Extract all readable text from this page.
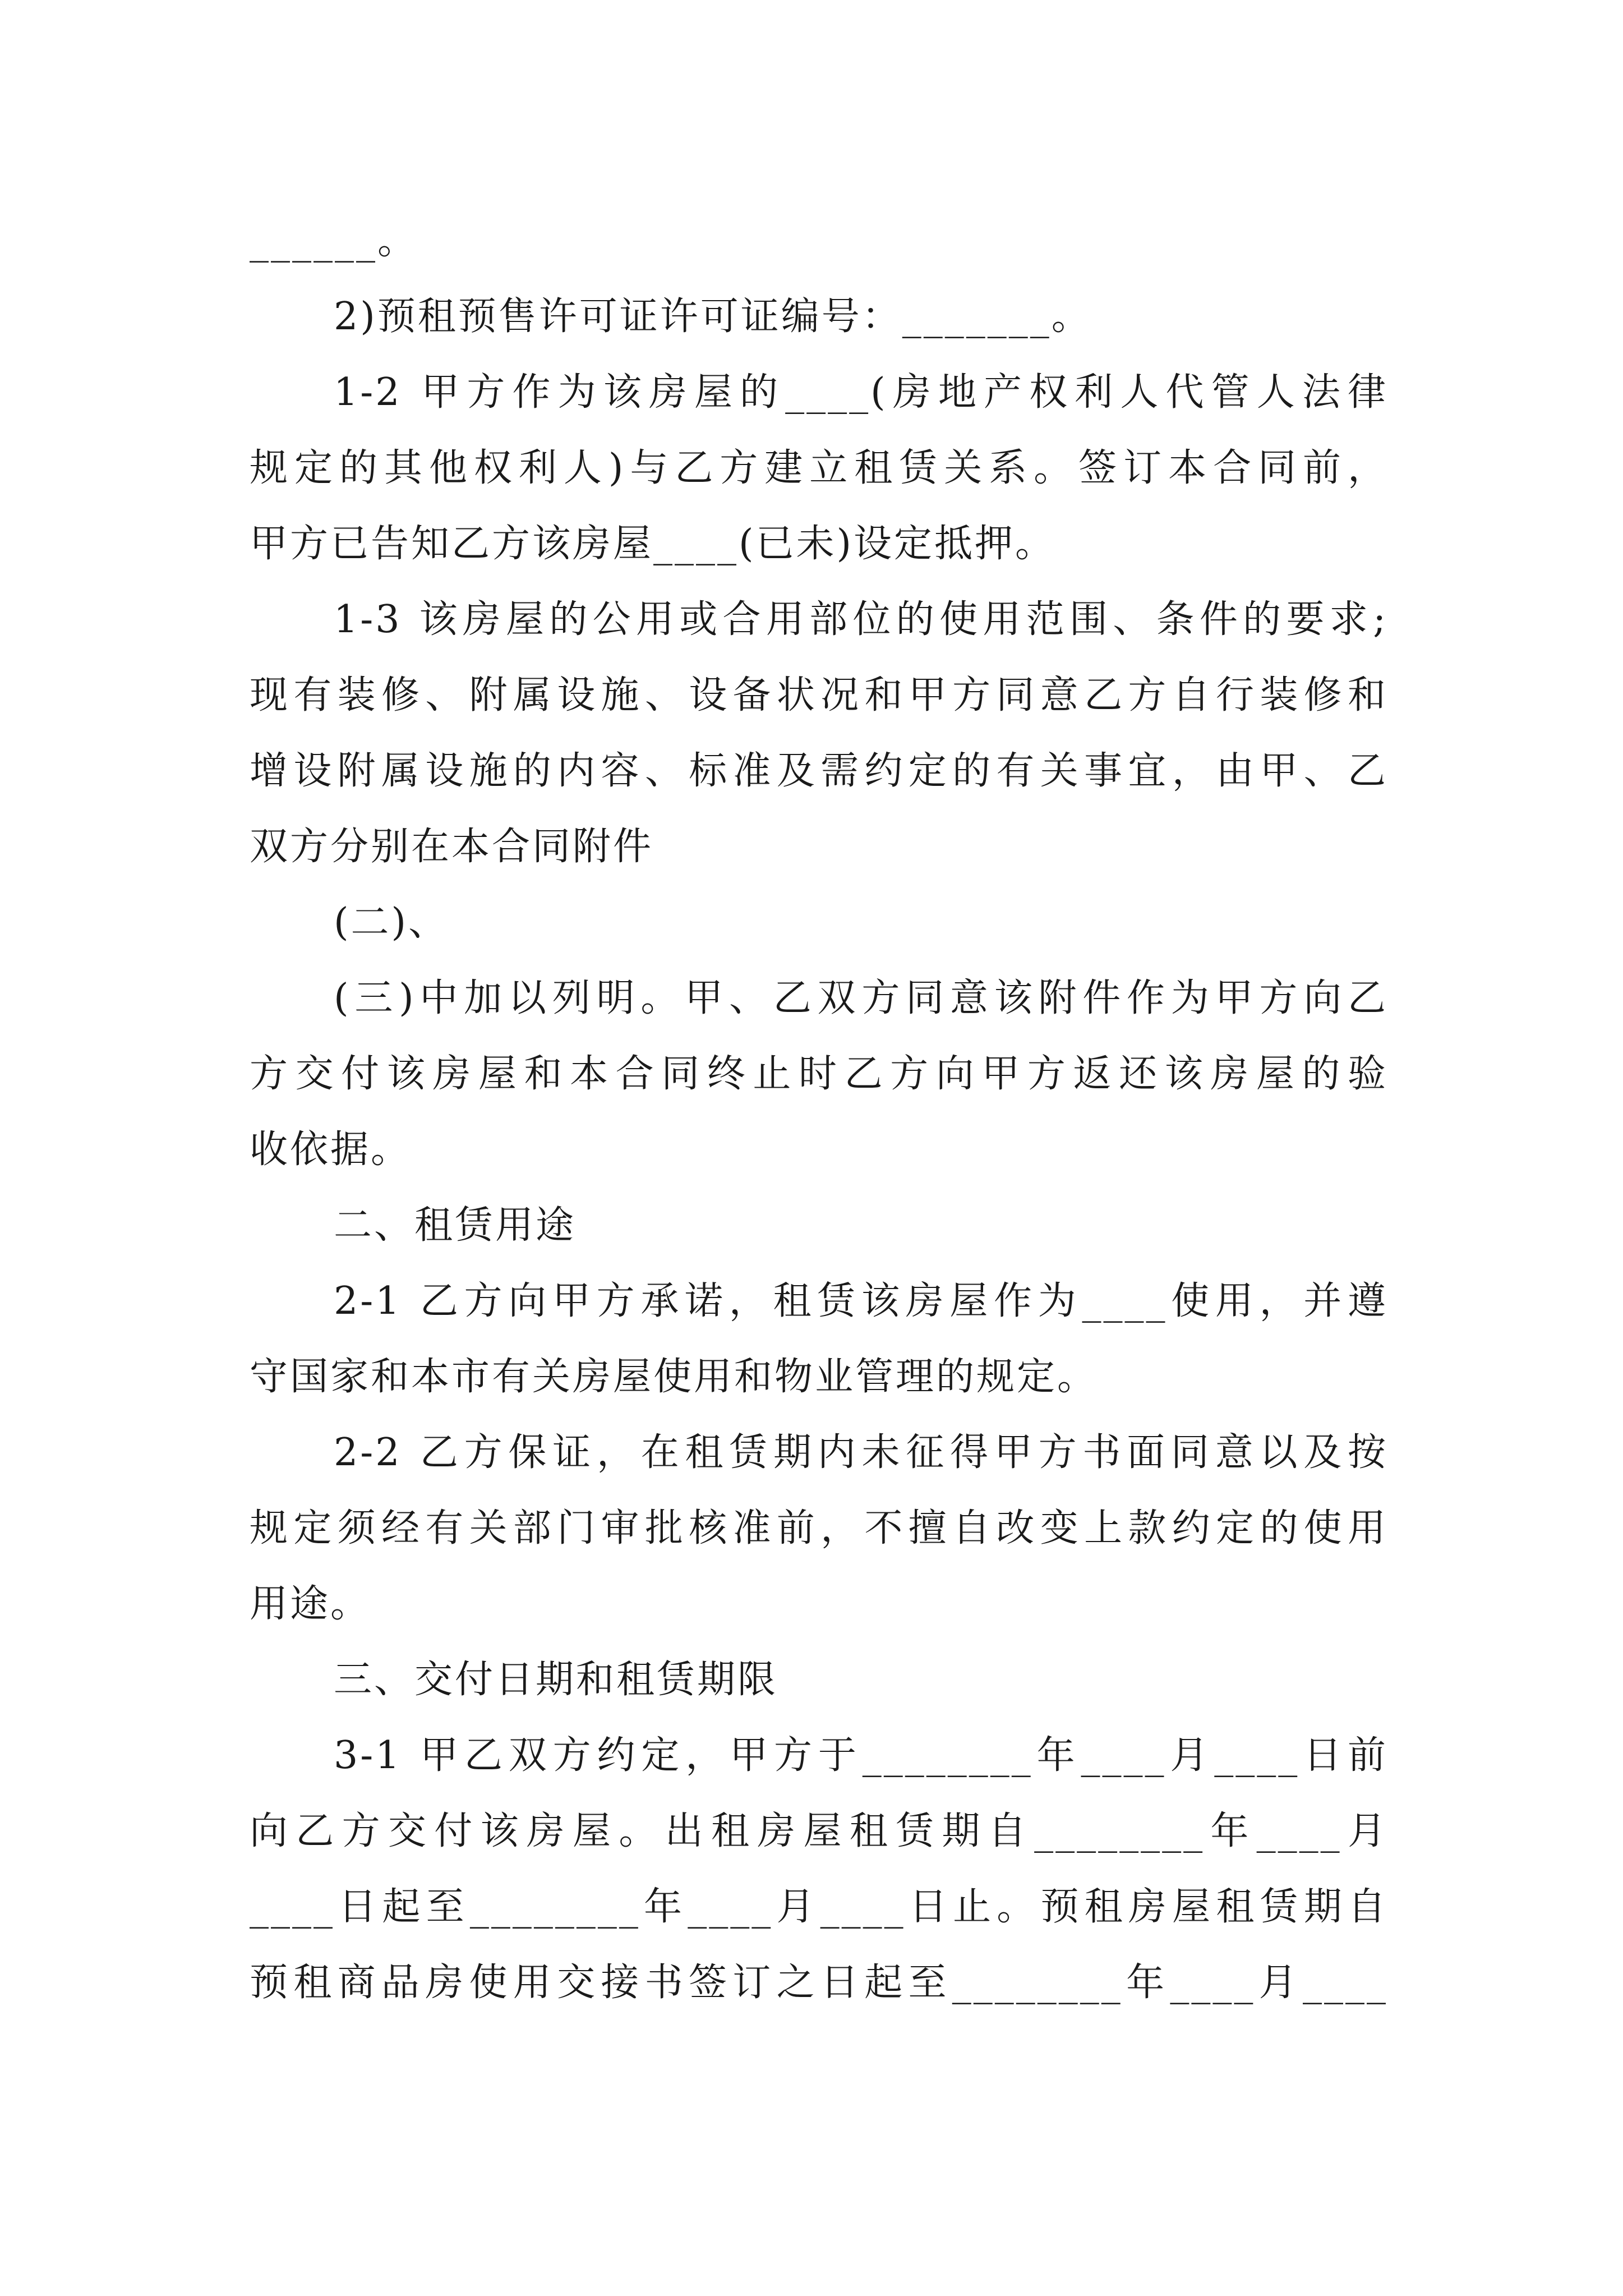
______。
2)预租预售许可证许可证编号：_______。
1-2 甲方作为该房屋的____(房地产权利人代管人法律
规定的其他权利人)与乙方建立租赁关系。签订本合同前，
甲方已告知乙方该房屋____(已未)设定抵押。
1-3 该房屋的公用或合用部位的使用范围、条件的要求;
现有装修、附属设施、设备状况和甲方同意乙方自行装修和
增设附属设施的内容、标准及需约定的有关事宜，由甲、乙
双方分别在本合同附件
(二)、
(三)中加以列明。甲、乙双方同意该附件作为甲方向乙
方交付该房屋和本合同终止时乙方向甲方返还该房屋的验
收依据。
二、租赁用途
2-1 乙方向甲方承诺，租赁该房屋作为____使用，并遵
守国家和本市有关房屋使用和物业管理的规定。
2-2 乙方保证，在租赁期内未征得甲方书面同意以及按
规定须经有关部门审批核准前，不擅自改变上款约定的使用
用途。
三、交付日期和租赁期限
3-1 甲乙双方约定，甲方于________年____月____日前
向乙方交付该房屋。出租房屋租赁期自________年____月
____日起至________年____月____日止。预租房屋租赁期自
预租商品房使用交接书签订之日起至________年____月____
